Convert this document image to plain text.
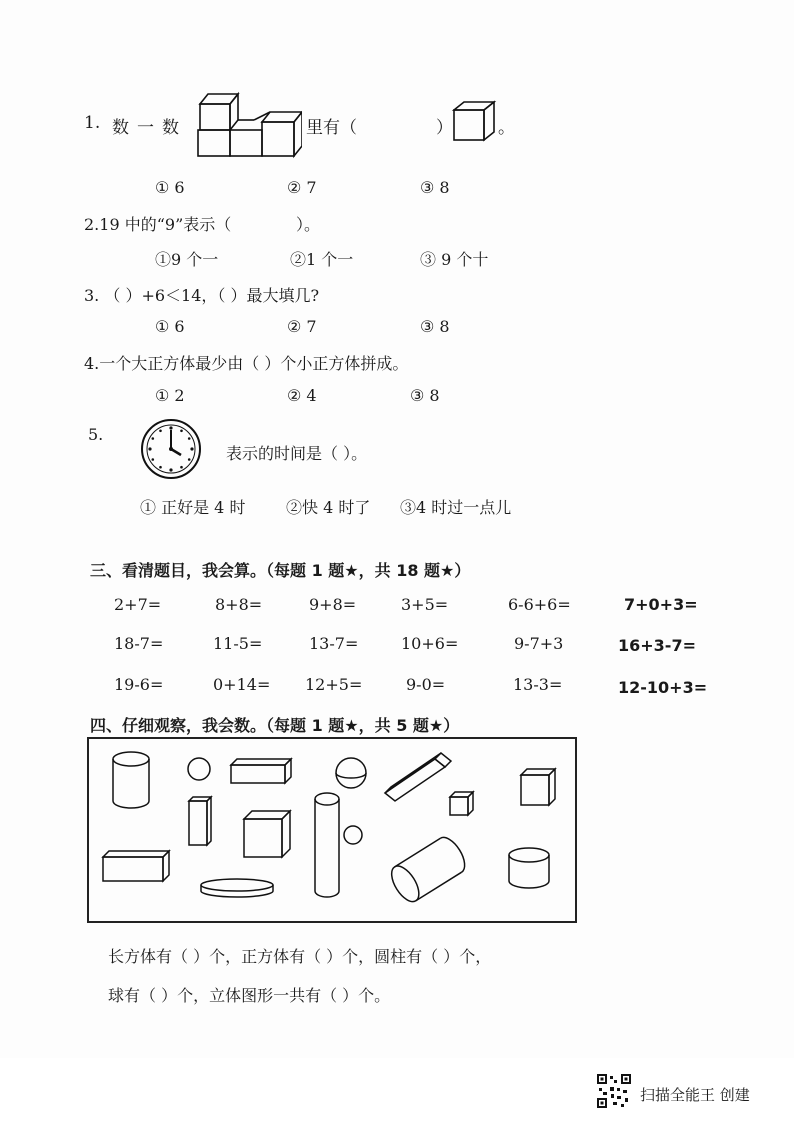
1. 数一数	里有（	）	。
① 6	② 7	③ 8
2.19 中的“9”表示（	）。
①9 个一	②1 个一	③ 9 个十
3. （ ）+6＜14，（ ）最大填几?
① 6	② 7	③ 8
4.一个大正方体最少由（ ）个小正方体拼成。
① 2	② 4	③ 8
5.
表示的时间是（ ）。
① 正好是 4 时	②快 4 时了 ③4 时过一点儿
三、看清题目，我会算。（每题 1 题★，共 18 题★）
2+7=	8+8=	9+8=	3+5=	6-6+6=	7+0+3=
18-7=	11-5=	13-7=	10+6=	9-7+3	16+3-7=
19-6=	0+14= 12+5=	9-0=	13-3=	12-10+3=
四、仔细观察，我会数。（每题 1 题★，共 5 题★）
长方体有（ ）个，正方体有（ ）个，圆柱有（ ）个，
球有（ ）个，立体图形一共有（ ）个。
扫描全能王 创建
